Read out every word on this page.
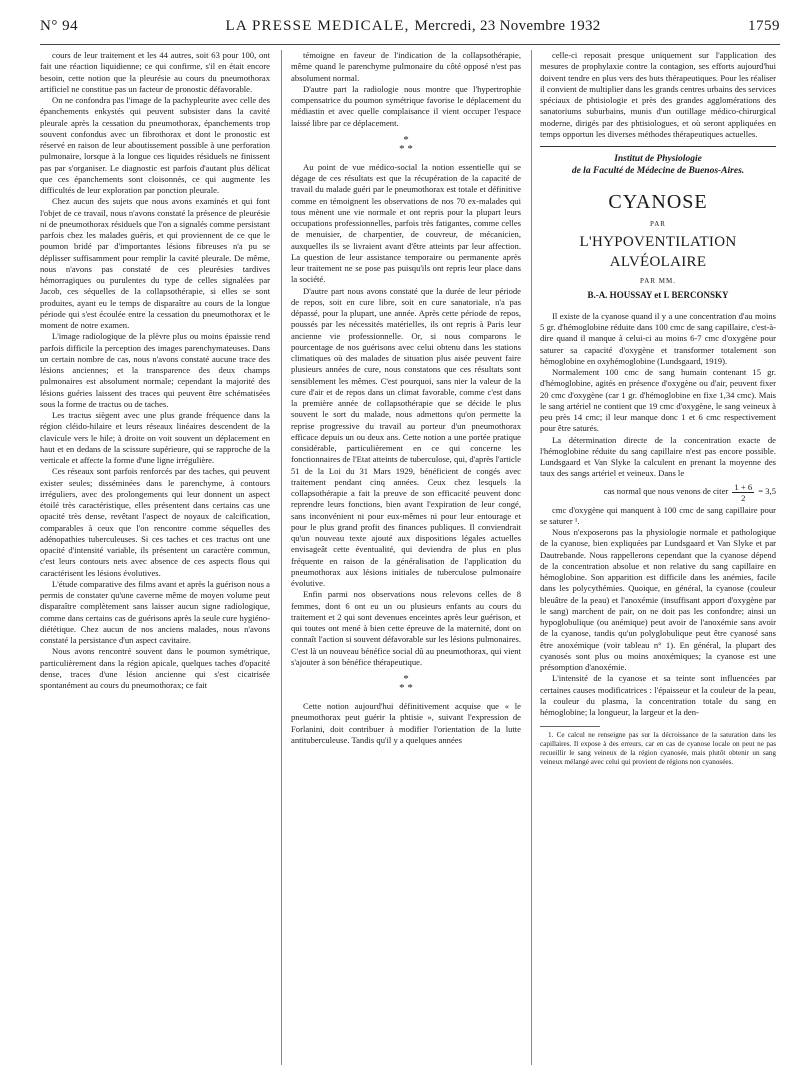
N° 94	LA PRESSE MEDICALE, Mercredi, 23 Novembre 1932	1759

cours de leur traitement et les 44 autres, soit 63 pour 100, ont fait une réaction liquidienne; ce qui confirme, s'il en était encore besoin, cette notion que la pleurésie au cours du pneumothorax artificiel ne constitue pas un facteur de pronostic défavorable.

On ne confondra pas l'image de la pachypleurite avec celle des épanchements enkystés qui peuvent subsister dans la cavité pleurale après la cessation du pneumothorax, épanchements trop souvent confondus avec un fibrothorax et dont le pronostic est réservé en raison de leur aboutissement possible à une perforation pulmonaire, lorsque à la longue ces liquides résiduels ne finissent pas par s'organiser. Le diagnostic est parfois d'autant plus délicat que ces épanchements sont cloisonnés, ce qui augmente les difficultés de leur exploration par ponction pleurale.

Chez aucun des sujets que nous avons examinés et qui font l'objet de ce travail, nous n'avons constaté la présence de pleurésie ni de pneumothorax résiduels que l'on a signalés comme persistant parfois chez les malades guéris, et qui proviennent de ce que le poumon bridé par d'importantes lésions fibreuses n'a pu se déplisser suffisamment pour remplir la cavité pleurale. De même, nous n'avons pas constaté de ces pleurésies tardives hémorragiques ou purulentes du type de celles signalées par Jacob, ces séquelles de la collapsothérapie, si elles se sont produites, ayant eu le temps de disparaître au cours de la longue période qui s'est écoulée entre la cessation du pneumothorax et le moment de notre examen.

L'image radiologique de la plèvre plus ou moins épaissie rend parfois difficile la perception des images parenchymateuses. Dans un certain nombre de cas, nous n'avons constaté aucune trace des lésions anciennes; et la transparence des deux champs pulmonaires est absolument normale; cependant la majorité des lésions guéries laissent des traces qui peuvent être schématisées sous la forme de tractus ou de taches.

Les tractus siègent avec une plus grande fréquence dans la région cléido-hilaire et leurs réseaux linéaires descendent de la clavicule vers le hile; à droite on voit souvent un déplacement en haut et en dedans de la scissure supérieure, qui se rapproche de la verticale et affecte la forme d'une ligne irrégulière.

Ces réseaux sont parfois renforcés par des taches, qui peuvent exister seules; disséminées dans le parenchyme, à contours irréguliers, avec des prolongements qui leur donnent un aspect étoilé très caractéristique, elles présentent dans certains cas une opacité très dense, revêtant l'aspect de noyaux de calcification, comparables à ceux que l'on rencontre comme séquelles des adénopathies tuberculeuses. Si ces taches et ces tractus ont une opacité d'intensité variable, ils présentent un caractère commun, c'est leurs contours nets avec absence de ces aspects flous qui caractérisent les lésions évolutives.

L'étude comparative des films avant et après la guérison nous a permis de constater qu'une caverne même de moyen volume peut disparaître complètement sans laisser aucun signe radiologique, comme dans certains cas de guérisons après la seule cure hygiéno-diététique. Chez aucun de nos anciens malades, nous n'avons constaté la persistance d'un aspect cavitaire.

Nous avons rencontré souvent dans le poumon symétrique, particulièrement dans la région apicale, quelques taches d'opacité dense, traces d'une lésion ancienne qui s'est cicatrisée spontanément au cours du pneumothorax; ce fait

témoigne en faveur de l'indication de la collapsothérapie, même quand le parenchyme pulmonaire du côté opposé n'est pas absolument normal.

D'autre part la radiologie nous montre que l'hypertrophie compensatrice du poumon symétrique favorise le déplacement du médiastin et avec quelle complaisance il vient occuper l'espace laissé libre par ce déplacement.

*
* *

Au point de vue médico-social la notion essentielle qui se dégage de ces résultats est que la récupération de la capacité de travail du malade guéri par le pneumothorax est totale et définitive comme en témoignent les observations de nos 70 ex-malades qui tous mènent une vie normale et ont repris pour la plupart leurs occupations professionnelles, parfois très fatigantes, comme celles de menuisier, de charpentier, de couvreur, de mécanicien, auxquelles ils se livraient avant d'être atteints par leur affection. La question de leur assistance temporaire ou permanente après leur traitement ne se pose pas puisqu'ils ont repris leur place dans la société.

D'autre part nous avons constaté que la durée de leur période de repos, soit en cure libre, soit en cure sanatoriale, n'a pas dépassé, pour la plupart, une année. Après cette période de repos, poussés par les nécessités matérielles, ils ont repris à Paris leur ancienne vie professionnelle. Or, si nous comparons le pourcentage de nos guérisons avec celui obtenu dans les stations climatiques où des malades de situation plus aisée peuvent faire plusieurs années de cure, nous constatons que ces résultats sont sensiblement les mêmes. C'est pourquoi, sans nier la valeur de la cure d'air et de repos dans un climat favorable, comme c'est dans la première année de collapsothérapie que se décide le plus souvent le sort du malade, nous admettons qu'on permette la reprise progressive du travail au porteur d'un pneumothorax efficace depuis un ou deux ans. Cette notion a une portée pratique considérable, particulièrement en ce qui concerne les fonctionnaires de l'Etat atteints de tuberculose, qui, d'après l'article 51 de la Loi du 31 Mars 1929, bénéficient de congés avec traitement pendant cinq années. Ceux chez lesquels la collapsothérapie a fait la preuve de son efficacité peuvent donc reprendre leurs fonctions, bien avant l'expiration de leur congé, sans inconvénient ni pour eux-mêmes ni pour leur entourage et pour le plus grand profit des finances publiques. Il conviendrait qu'un nouveau texte ajouté aux dispositions légales actuelles envisageât cette éventualité, qui deviendra de plus en plus fréquente en raison de la généralisation de l'application du pneumothorax aux lésions initiales de tuberculose pulmonaire évolutive.

Enfin parmi nos observations nous relevons celles de 8 femmes, dont 6 ont eu un ou plusieurs enfants au cours du traitement et 2 qui sont devenues enceintes après leur guérison, et qui toutes ont mené à bien cette épreuve de la maternité, dont on connaît l'action si souvent défavorable sur les lésions pulmonaires. C'est là un nouveau bénéfice social dû au pneumothorax, qui vient s'ajouter à son bénéfice thérapeutique.

*
* *

Cette notion aujourd'hui définitivement acquise que « le pneumothorax peut guérir la phtisie », suivant l'expression de Forlanini, doit contribuer à modifier l'orientation de la lutte antituberculeuse. Tandis qu'il y a quelques années

celle-ci reposait presque uniquement sur l'application des mesures de prophylaxie contre la contagion, ses efforts aujourd'hui doivent tendre en plus vers des buts thérapeutiques. Pour les réaliser il convient de multiplier dans les grands centres urbains des services spéciaux de phtisiologie et près des grandes agglomérations des sanatoriums suburbains, munis d'un outillage médico-chirurgical moderne, dirigés par des phtisiologues, et où seront appliquées en temps opportun les diverses méthodes thérapeutiques actuelles.

Institut de Physiologie
de la Faculté de Médecine de Buenos-Aires.
CYANOSE
PAR
L'HYPOVENTILATION ALVÉOLAIRE
PAR MM.
B.-A. HOUSSAY et I. BERCONSKY

Il existe de la cyanose quand il y a une concentration d'au moins 5 gr. d'hémoglobine réduite dans 100 cmc de sang capillaire, c'est-à-dire quand il manque à celui-ci au moins 6-7 cmc d'oxygène pour saturer sa capacité d'oxygène et transformer totalement son hémoglobine en oxyhémoglobine (Lundsgaard, 1919).

Normalement 100 cmc de sang humain contenant 15 gr. d'hémoglobine, agités en présence d'oxygène ou d'air, peuvent fixer 20 cmc d'oxygène (car 1 gr. d'hémoglobine en fixe 1,34 cmc). Mais le sang artériel ne contient que 19 cmc d'oxygène, le sang veineux à peu près 14 cmc; il leur manque donc 1 et 6 cmc respectivement pour être saturés.

La détermination directe de la concentration exacte de l'hémoglobine réduite du sang capillaire n'est pas encore possible. Lundsgaard et Van Slyke la calculent en prenant la moyenne des taux des sangs artériel et veineux. Dans le

cas normal que nous venons de citer 1 + 6
2
= 3,5

cmc d'oxygène qui manquent à 100 cmc de sang capillaire pour se saturer ¹.

Nous n'exposerons pas la physiologie normale et pathologique de la cyanose, bien expliquées par Lundsgaard et Van Slyke et par Dautrebande. Nous rappellerons cependant que la cyanose dépend de la concentration absolue et non relative du sang capillaire en hémoglobine. Son apparition est difficile dans les anémies, facile dans les polycythémies. Quoique, en général, la cyanose (couleur bleuâtre de la peau) et l'anoxémie (insuffisant apport d'oxygène par le sang) marchent de pair, on ne doit pas les confondre; ainsi un hypoglobulique (ou anémique) peut avoir de l'anoxémie sans avoir de la cyanose, tandis qu'un polyglobulique peut être cyanosé sans être anoxémique (voir tableau n° 1). En général, la plupart des cyanosés sont plus ou moins anoxémiques; la cyanose est une présomption d'anoxémie.

L'intensité de la cyanose et sa teinte sont influencées par certaines causes modificatrices : l'épaisseur et la couleur de la peau, la couleur du plasma, la concentration totale du sang en hémoglobine; la longueur, la largeur et la den-

1. Ce calcul ne renseigne pas sur la décroissance de la saturation dans les capillaires. Il expose à des erreurs, car en cas de cyanose locale on peut ne pas recueillir le sang veineux de la région cyanosée, mais plutôt obtenir un sang veineux mélangé avec celui qui provient de régions non cyanosées.
